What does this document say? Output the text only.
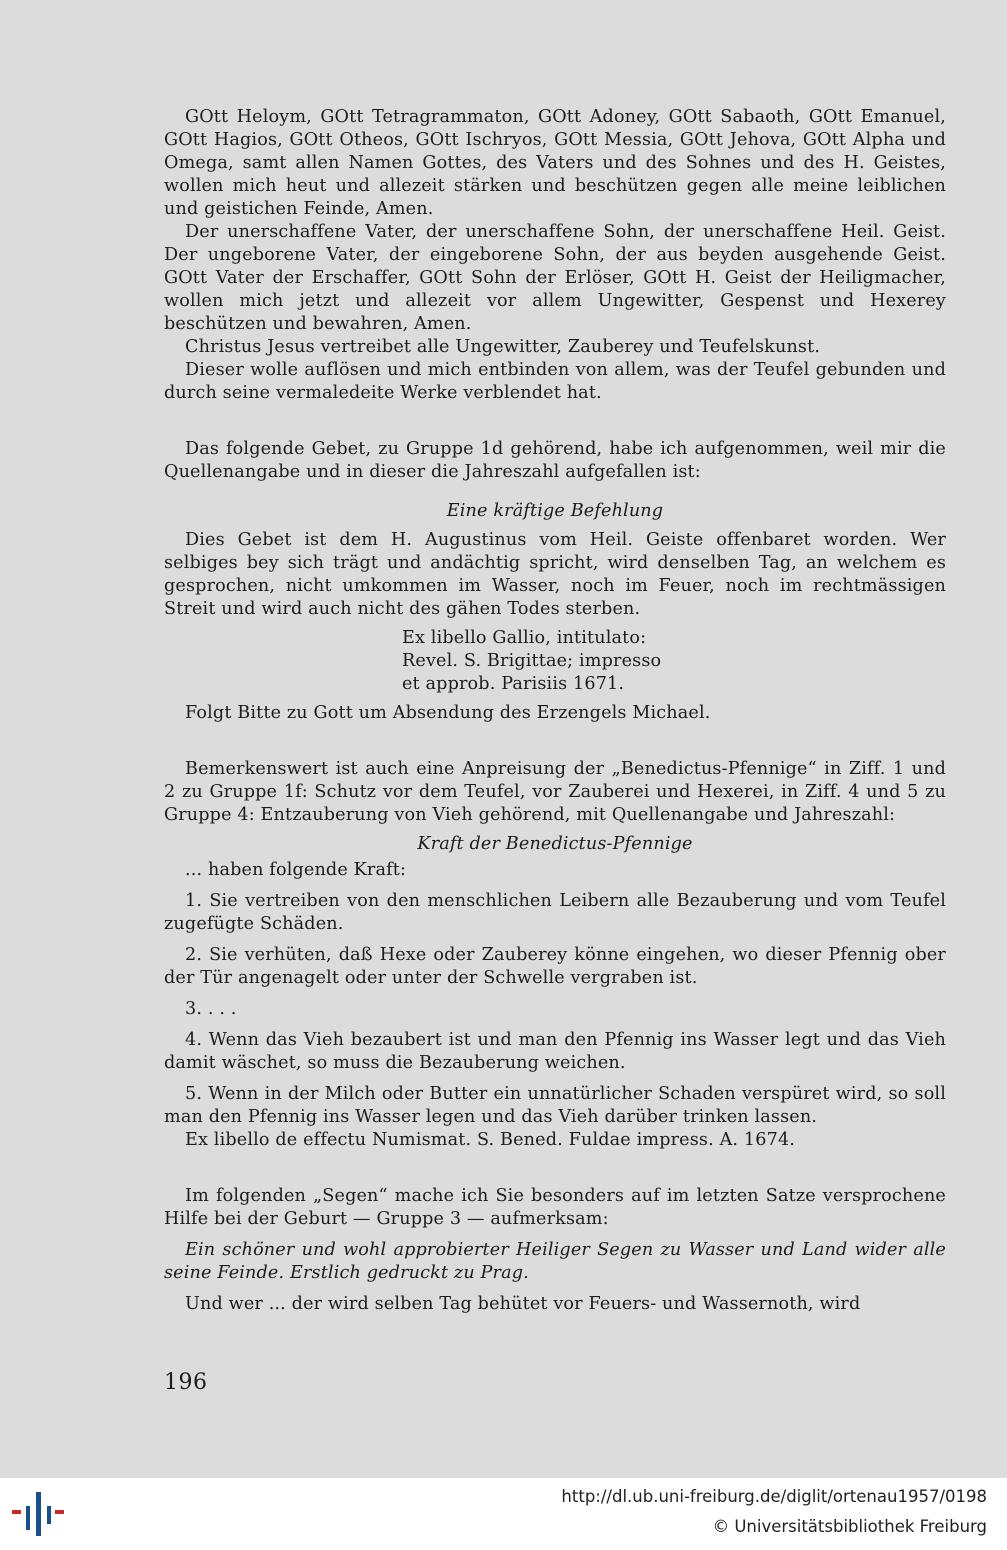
GOtt Heloym, GOtt Tetragrammaton, GOtt Adoney, GOtt Sabaoth, GOtt Emanuel, GOtt Hagios, GOtt Otheos, GOtt Ischryos, GOtt Messia, GOtt Jehova, GOtt Alpha und Omega, samt allen Namen Gottes, des Vaters und des Sohnes und des H. Geistes, wollen mich heut und allezeit stärken und beschützen gegen alle meine leiblichen und geistichen Feinde, Amen.

Der unerschaffene Vater, der unerschaffene Sohn, der unerschaffene Heil. Geist. Der ungeborene Vater, der eingeborene Sohn, der aus beyden ausgehende Geist. GOtt Vater der Erschaffer, GOtt Sohn der Erlöser, GOtt H. Geist der Heiligmacher, wollen mich jetzt und allezeit vor allem Ungewitter, Gespenst und Hexerey beschützen und bewahren, Amen.

Christus Jesus vertreibet alle Ungewitter, Zauberey und Teufelskunst.

Dieser wolle auflösen und mich entbinden von allem, was der Teufel gebunden und durch seine vermaledeite Werke verblendet hat.

Das folgende Gebet, zu Gruppe 1d gehörend, habe ich aufgenommen, weil mir die Quellenangabe und in dieser die Jahreszahl aufgefallen ist:

Eine kräftige Befehlung

Dies Gebet ist dem H. Augustinus vom Heil. Geiste offenbaret worden. Wer selbiges bey sich trägt und andächtig spricht, wird denselben Tag, an welchem es gesprochen, nicht umkommen im Wasser, noch im Feuer, noch im rechtmässigen Streit und wird auch nicht des gähen Todes sterben.

Ex libello Gallio, intitulato:
Revel. S. Brigittae; impresso
et approb. Parisiis 1671.

Folgt Bitte zu Gott um Absendung des Erzengels Michael.

Bemerkenswert ist auch eine Anpreisung der „Benedictus-Pfennige“ in Ziff. 1 und 2 zu Gruppe 1f: Schutz vor dem Teufel, vor Zauberei und Hexerei, in Ziff. 4 und 5 zu Gruppe 4: Entzauberung von Vieh gehörend, mit Quellenangabe und Jahreszahl:

Kraft der Benedictus-Pfennige

... haben folgende Kraft:

1. Sie vertreiben von den menschlichen Leibern alle Bezauberung und vom Teufel zugefügte Schäden.

2. Sie verhüten, daß Hexe oder Zauberey könne eingehen, wo dieser Pfennig ober der Tür angenagelt oder unter der Schwelle vergraben ist.

3. . . .

4. Wenn das Vieh bezaubert ist und man den Pfennig ins Wasser legt und das Vieh damit wäschet, so muss die Bezauberung weichen.

5. Wenn in der Milch oder Butter ein unnatürlicher Schaden verspüret wird, so soll man den Pfennig ins Wasser legen und das Vieh darüber trinken lassen.

Ex libello de effectu Numismat. S. Bened. Fuldae impress. A. 1674.

Im folgenden „Segen“ mache ich Sie besonders auf im letzten Satze versprochene Hilfe bei der Geburt — Gruppe 3 — aufmerksam:

Ein schöner und wohl approbierter Heiliger Segen zu Wasser und Land wider alle seine Feinde. Erstlich gedruckt zu Prag.

Und wer ... der wird selben Tag behütet vor Feuers- und Wassernoth, wird

196
http://dl.ub.uni-freiburg.de/diglit/ortenau1957/0198
© Universitätsbibliothek Freiburg
